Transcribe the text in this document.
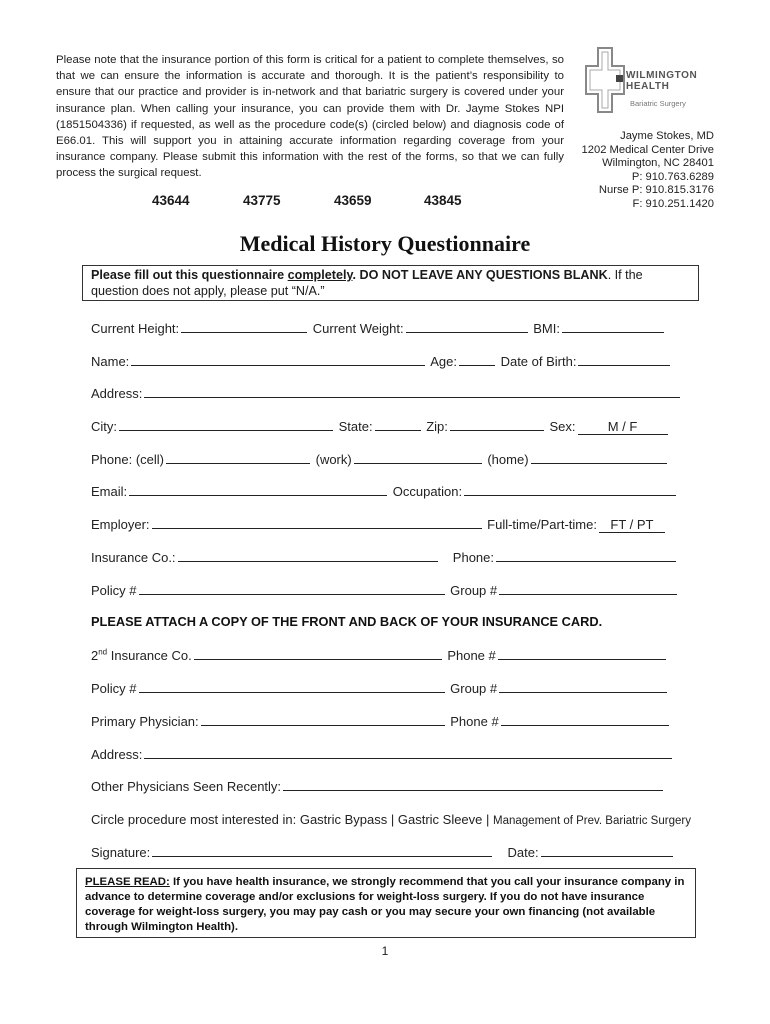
Please note that the insurance portion of this form is critical for a patient to complete themselves, so that we can ensure the information is accurate and thorough. It is the patient’s responsibility to ensure that our practice and provider is in-network and that bariatric surgery is covered under your insurance plan. When calling your insurance, you can provide them with Dr. Jayme Stokes NPI (1851504336) if requested, as well as the procedure code(s) (circled below) and diagnosis code of E66.01. This will support you in attaining accurate information regarding coverage from your insurance company. Please submit this information with the rest of the forms, so that we can fully process the surgical request.
43644	43775	43659	43845
WILMINGTON
HEALTH
Bariatric Surgery
Jayme Stokes, MD
1202 Medical Center Drive
Wilmington, NC 28401
P: 910.763.6289
Nurse P: 910.815.3176
F: 910.251.1420
Medical History Questionnaire
Please fill out this questionnaire completely. DO NOT LEAVE ANY QUESTIONS BLANK. If the question does not apply, please put “N/A.”
Current Height:	Current Weight:	BMI:
Name:	Age:	Date of Birth:
Address:
City:	State:	Zip:	Sex: M / F
Phone: (cell)	(work)	(home)
Email:	Occupation:
Employer:	Full-time/Part-time: FT / PT
Insurance Co.:	Phone:
Policy #	Group #
PLEASE ATTACH A COPY OF THE FRONT AND BACK OF YOUR INSURANCE CARD.
2nd Insurance Co.	Phone #
Policy #	Group #
Primary Physician:	Phone #
Address:
Other Physicians Seen Recently:
Circle procedure most interested in: Gastric Bypass | Gastric Sleeve | Management of Prev. Bariatric Surgery
Signature:	Date:
PLEASE READ: If you have health insurance, we strongly recommend that you call your insurance company in advance to determine coverage and/or exclusions for weight-loss surgery. If you do not have insurance coverage for weight-loss surgery, you may pay cash or you may secure your own financing (not available through Wilmington Health).
1
